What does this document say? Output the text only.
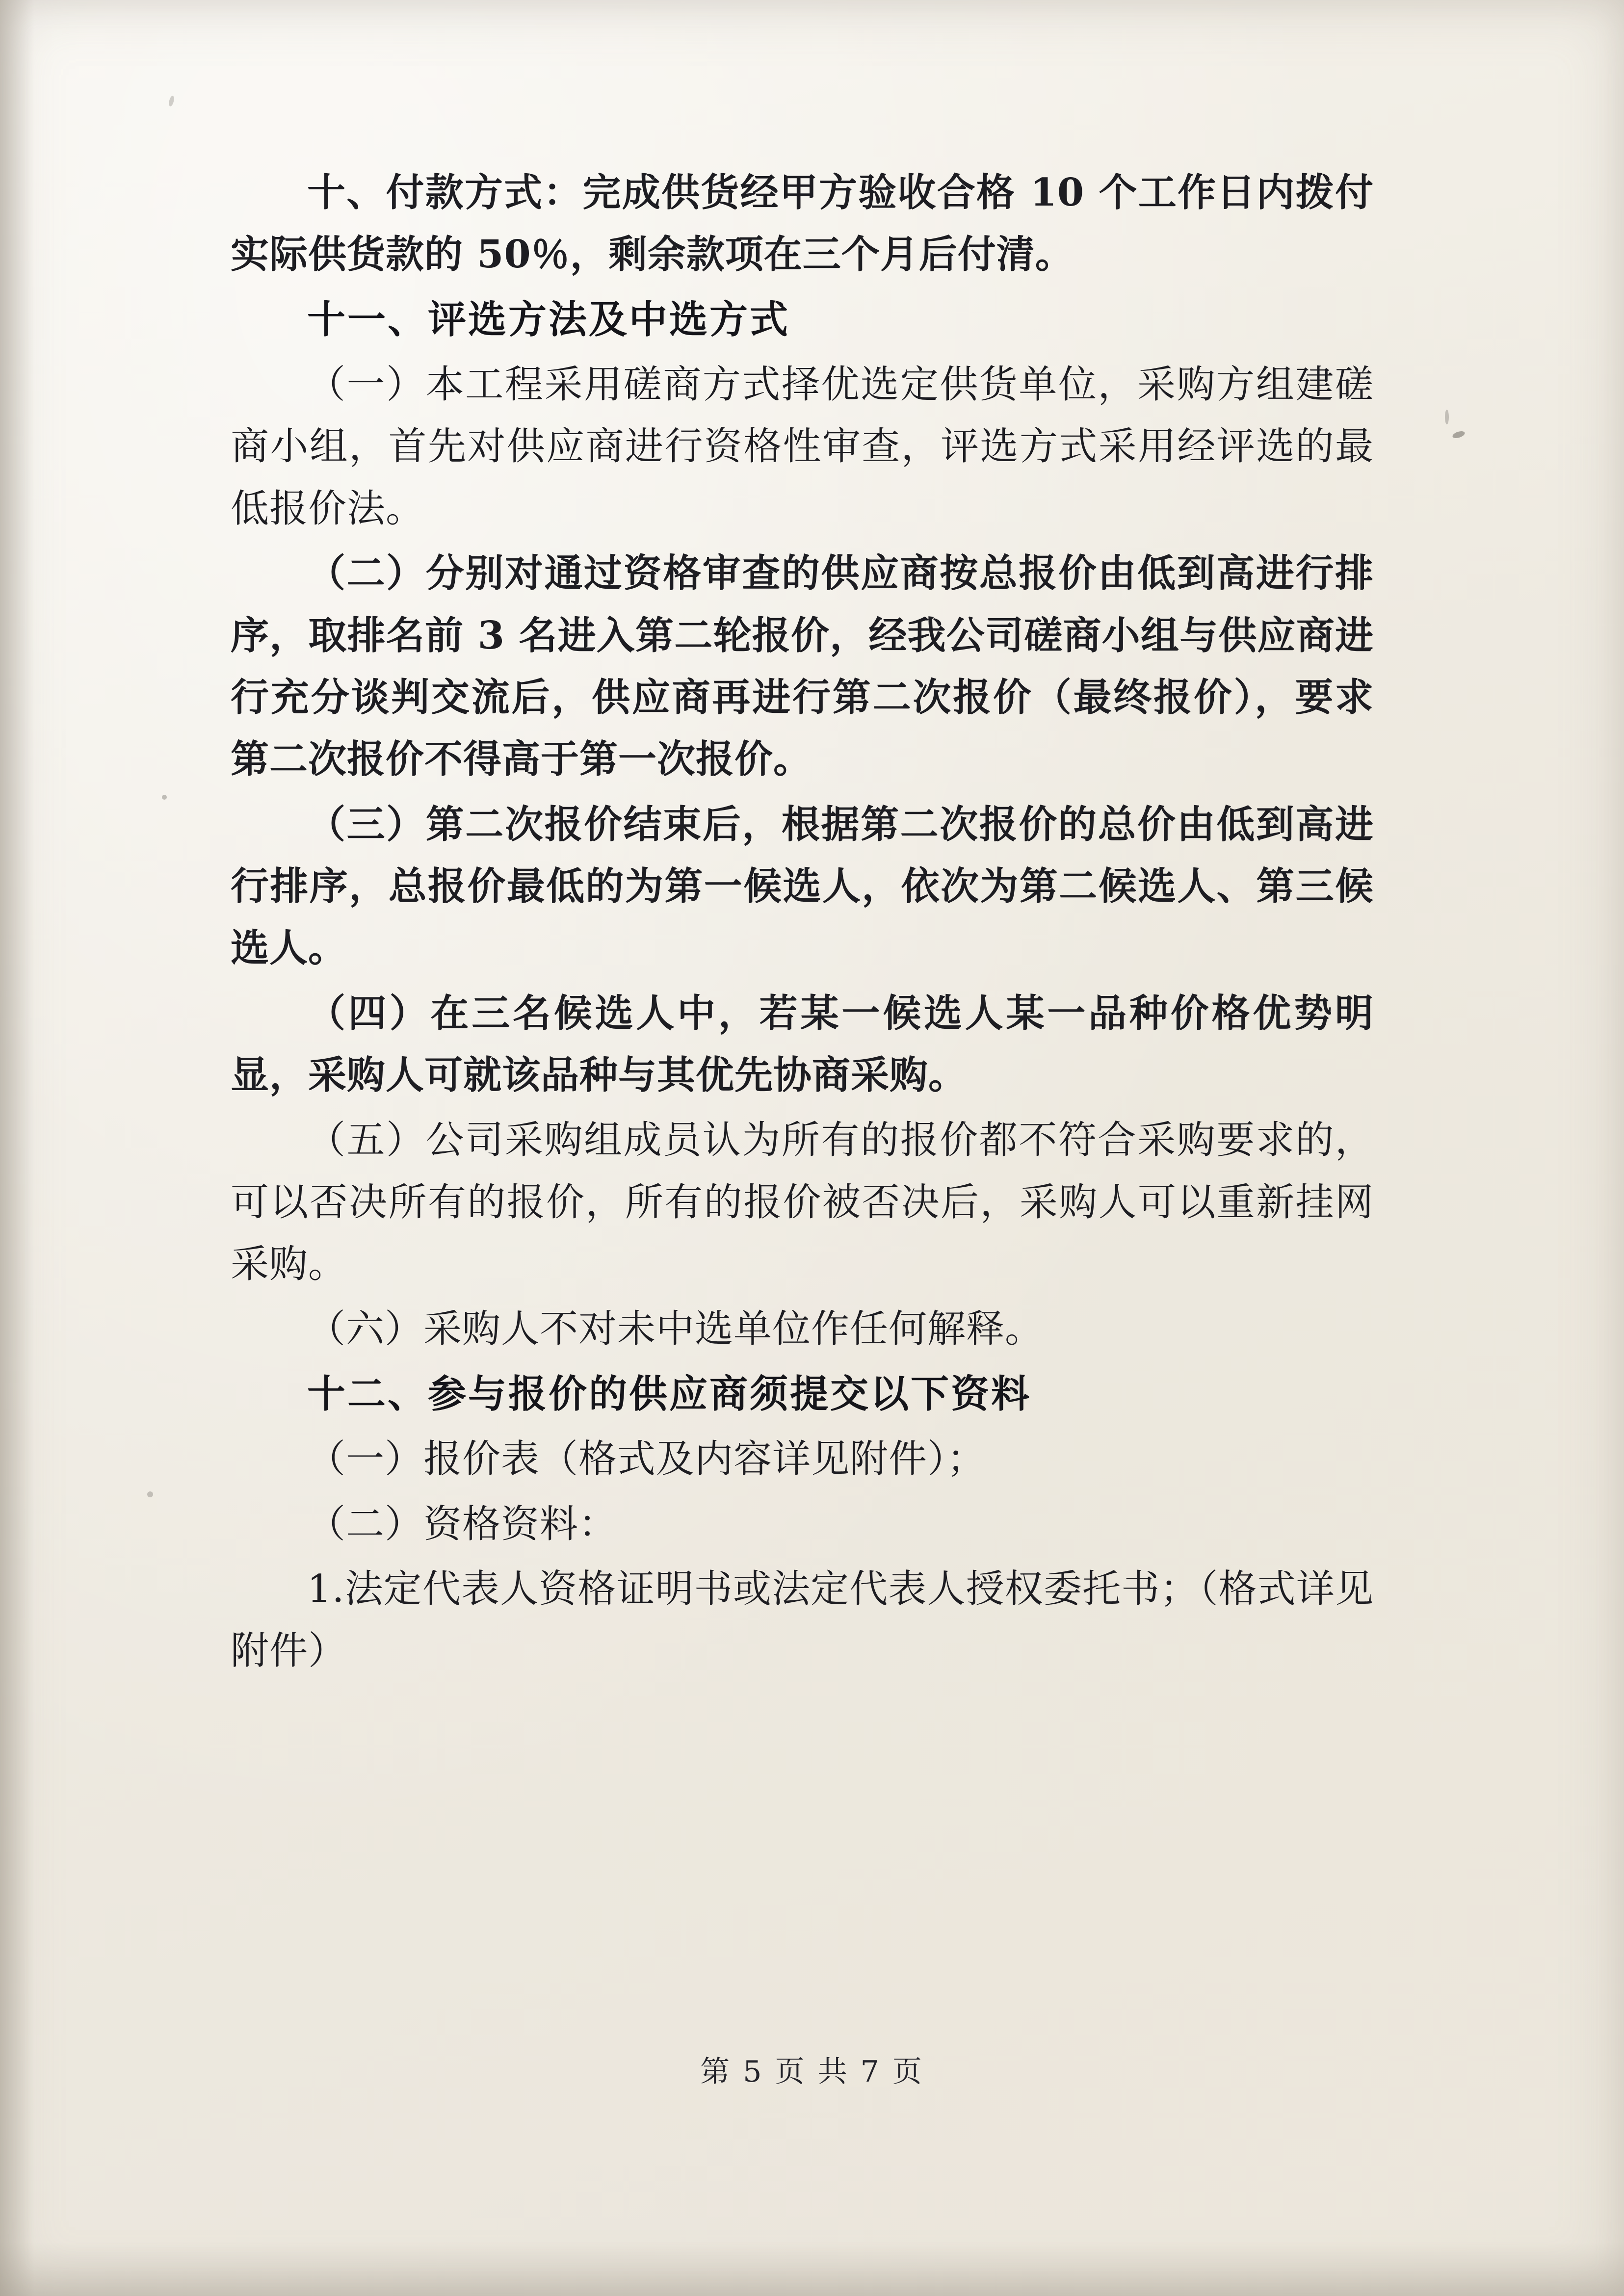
十、付款方式：完成供货经甲方验收合格 10 个工作日内拨付实际供货款的 50％，剩余款项在三个月后付清。

十一、评选方法及中选方式

（一）本工程采用磋商方式择优选定供货单位，采购方组建磋商小组，首先对供应商进行资格性审查，评选方式采用经评选的最低报价法。

（二）分别对通过资格审查的供应商按总报价由低到高进行排序，取排名前 3 名进入第二轮报价，经我公司磋商小组与供应商进行充分谈判交流后，供应商再进行第二次报价（最终报价），要求第二次报价不得高于第一次报价。

（三）第二次报价结束后，根据第二次报价的总价由低到高进行排序，总报价最低的为第一候选人，依次为第二候选人、第三候选人。

（四）在三名候选人中，若某一候选人某一品种价格优势明显，采购人可就该品种与其优先协商采购。

（五）公司采购组成员认为所有的报价都不符合采购要求的，可以否决所有的报价，所有的报价被否决后，采购人可以重新挂网采购。

（六）采购人不对未中选单位作任何解释。

十二、参与报价的供应商须提交以下资料

（一）报价表（格式及内容详见附件）；

（二）资格资料：

1.法定代表人资格证明书或法定代表人授权委托书；（格式详见附件）

第 5 页 共 7 页
